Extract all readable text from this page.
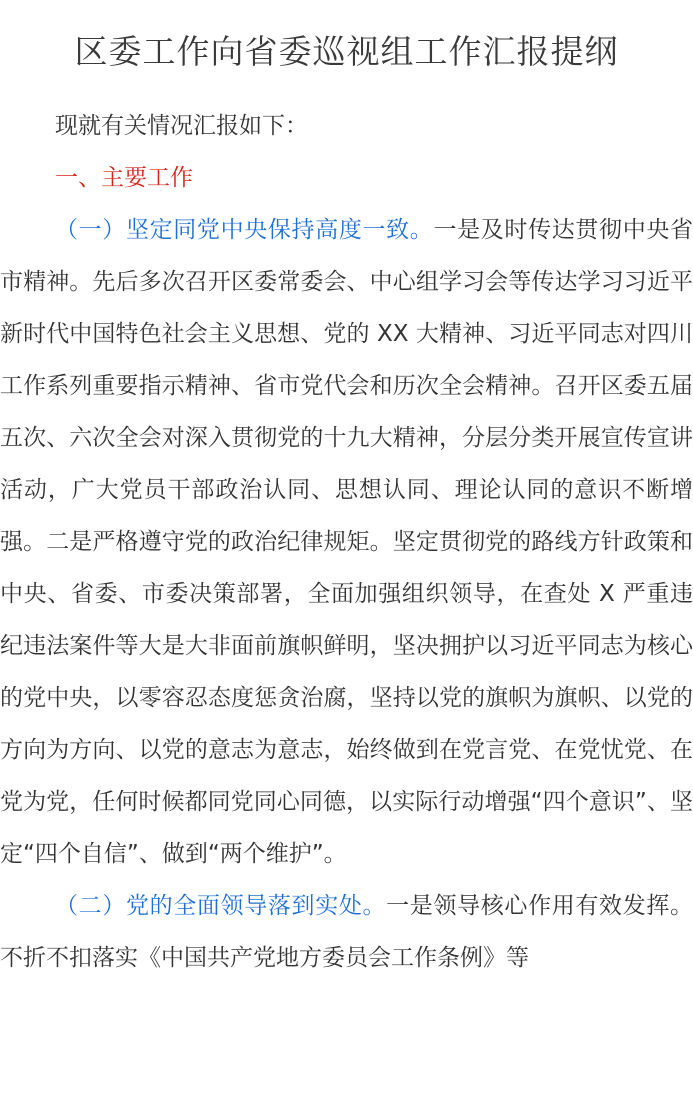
区委工作向省委巡视组工作汇报提纲

现就有关情况汇报如下：

一、主要工作

（一）坚定同党中央保持高度一致。一是及时传达贯彻中央省市精神。先后多次召开区委常委会、中心组学习会等传达学习习近平新时代中国特色社会主义思想、党的 XX 大精神、习近平同志对四川工作系列重要指示精神、省市党代会和历次全会精神。召开区委五届五次、六次全会对深入贯彻党的十九大精神，分层分类开展宣传宣讲活动，广大党员干部政治认同、思想认同、理论认同的意识不断增强。二是严格遵守党的政治纪律规矩。坚定贯彻党的路线方针政策和中央、省委、市委决策部署，全面加强组织领导，在查处 X 严重违纪违法案件等大是大非面前旗帜鲜明，坚决拥护以习近平同志为核心的党中央，以零容忍态度惩贪治腐，坚持以党的旗帜为旗帜、以党的方向为方向、以党的意志为意志，始终做到在党言党、在党忧党、在党为党，任何时候都同党同心同德，以实际行动增强“四个意识”、坚定“四个自信”、做到“两个维护”。

（二）党的全面领导落到实处。一是领导核心作用有效发挥。不折不扣落实《中国共产党地方委员会工作条例》等
